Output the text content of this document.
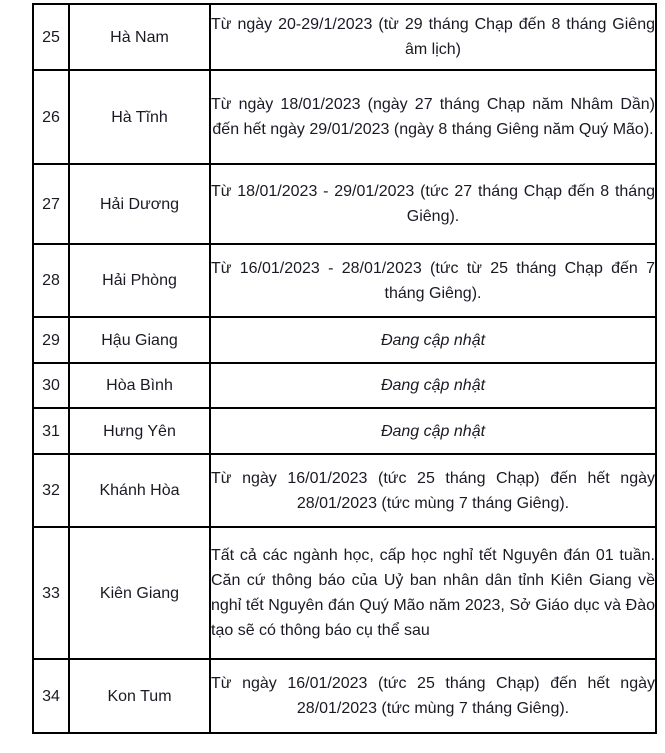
25	Hà Nam	Từ ngày 20-29/1/2023 (từ 29 tháng Chạp đến 8 tháng Giêng âm lịch)

26	Hà Tĩnh	Từ ngày 18/01/2023 (ngày 27 tháng Chạp năm Nhâm Dần) đến hết ngày 29/01/2023 (ngày 8 tháng Giêng năm Quý Mão).

27	Hải Dương	Từ 18/01/2023 - 29/01/2023 (tức 27 tháng Chạp đến 8 tháng Giêng).

28	Hải Phòng	Từ 16/01/2023 - 28/01/2023 (tức từ 25 tháng Chạp đến 7 tháng Giêng).

29	Hậu Giang	Đang cập nhật

30	Hòa Bình	Đang cập nhật

31	Hưng Yên	Đang cập nhật

32	Khánh Hòa	Từ ngày 16/01/2023 (tức 25 tháng Chạp) đến hết ngày 28/01/2023 (tức mùng 7 tháng Giêng).

33	Kiên Giang	Tất cả các ngành học, cấp học nghỉ tết Nguyên đán 01 tuần. Căn cứ thông báo của Uỷ ban nhân dân tỉnh Kiên Giang về nghỉ tết Nguyên đán Quý Mão năm 2023, Sở Giáo dục và Đào tạo sẽ có thông báo cụ thể sau

34	Kon Tum	Từ ngày 16/01/2023 (tức 25 tháng Chạp) đến hết ngày 28/01/2023 (tức mùng 7 tháng Giêng).
